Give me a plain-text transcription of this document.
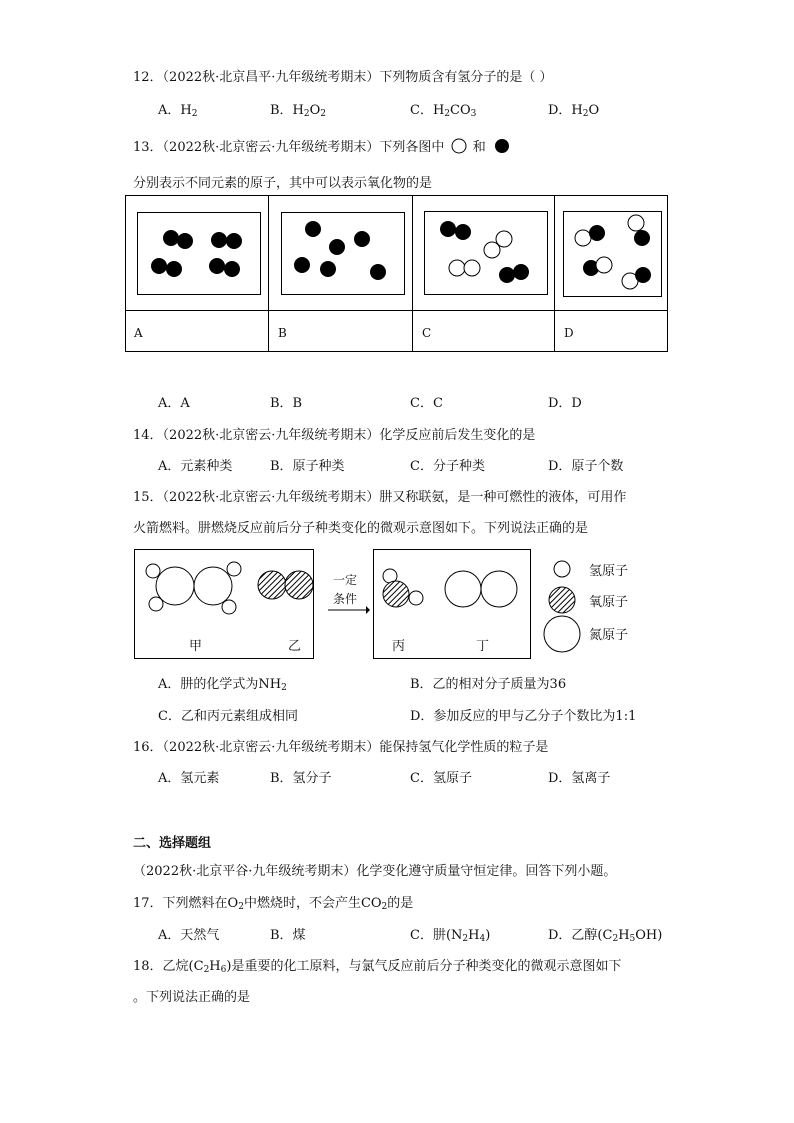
12．（2022秋·北京昌平·九年级统考期末）下列物质含有氢分子的是（ ）
A．$H_2$	B．$H_2O_2$	C．$H_2CO_3$	D．$H_2O$
13．（2022秋·北京密云·九年级统考期末）下列各图中 和
分别表示不同元素的原子，其中可以表示氧化物的是
A	B	C	D
A．A	B．B	C．C	D．D
14．（2022秋·北京密云·九年级统考期末）化学反应前后发生变化的是
A．元素种类	B．原子种类	C．分子种类	D．原子个数
15．（2022秋·北京密云·九年级统考期末）肼又称联氨，是一种可燃性的液体，可用作
火箭燃料。肼燃烧反应前后分子种类变化的微观示意图如下。下列说法正确的是
甲	乙
一定
条件
丙	丁
氢原子
氧原子
氮原子
A．肼的化学式为$NH_2$	B．乙的相对分子质量为36
C．乙和丙元素组成相同	D．参加反应的甲与乙分子个数比为1:1
16．（2022秋·北京密云·九年级统考期末）能保持氢气化学性质的粒子是
A．氢元素	B．氢分子	C．氢原子	D．氢离子
二、选择题组
（2022秋·北京平谷·九年级统考期末）化学变化遵守质量守恒定律。回答下列小题。
17．下列燃料在$O_2$中燃烧时，不会产生$CO_2$的是
A．天然气	B．煤	C．肼$(N_2H_4)$	D．乙醇$(C_2H_5OH)$
18．乙烷$(C_2H_6)$是重要的化工原料，与氯气反应前后分子种类变化的微观示意图如下
。下列说法正确的是
